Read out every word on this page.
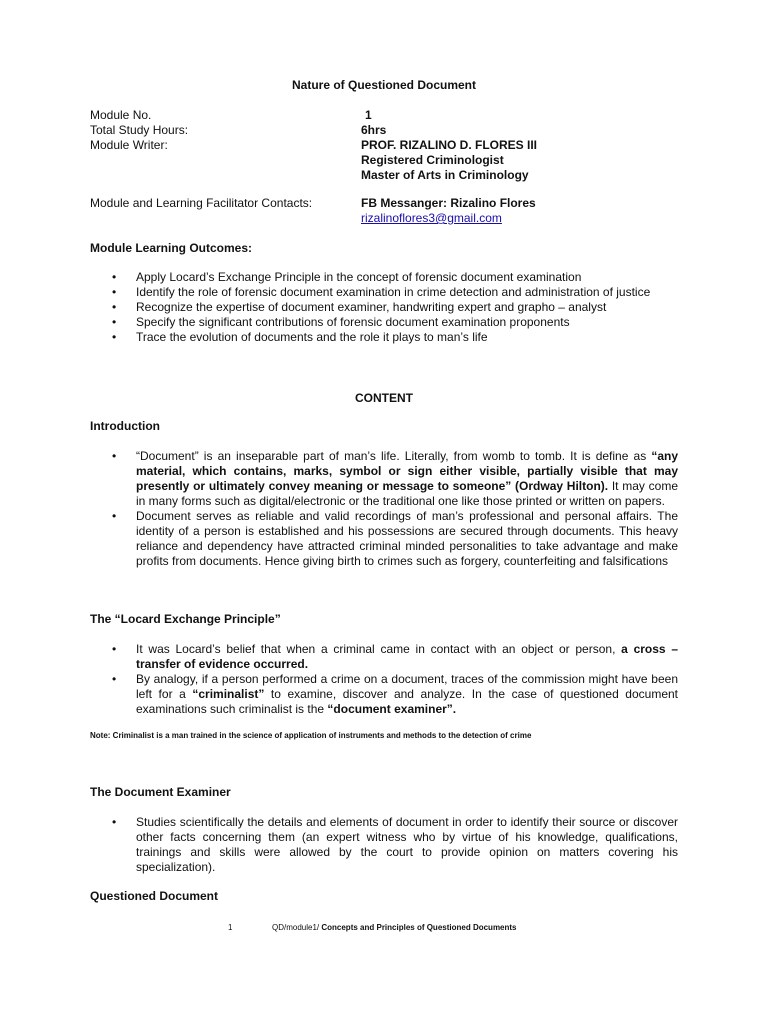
Nature of Questioned Document
Module No.	1
Total Study Hours:	6hrs
Module Writer:	PROF. RIZALINO D. FLORES III
Registered Criminologist
Master of Arts in Criminology
Module and Learning Facilitator Contacts:	FB Messanger: Rizalino Flores
rizalinoflores3@gmail.com
Module Learning Outcomes:
• Apply Locard’s Exchange Principle in the concept of forensic document examination
• Identify the role of forensic document examination in crime detection and administration of justice
• Recognize the expertise of document examiner, handwriting expert and grapho – analyst
• Specify the significant contributions of forensic document examination proponents
• Trace the evolution of documents and the role it plays to man’s life
CONTENT
Introduction
• “Document” is an inseparable part of man’s life. Literally, from womb to tomb. It is define as “any material, which contains, marks, symbol or sign either visible, partially visible that may presently or ultimately convey meaning or message to someone” (Ordway Hilton). It may come in many forms such as digital/electronic or the traditional one like those printed or written on papers.
• Document serves as reliable and valid recordings of man’s professional and personal affairs. The identity of a person is established and his possessions are secured through documents. This heavy reliance and dependency have attracted criminal minded personalities to take advantage and make profits from documents. Hence giving birth to crimes such as forgery, counterfeiting and falsifications
The “Locard Exchange Principle”
• It was Locard’s belief that when a criminal came in contact with an object or person, a cross – transfer of evidence occurred.
• By analogy, if a person performed a crime on a document, traces of the commission might have been left for a “criminalist” to examine, discover and analyze. In the case of questioned document examinations such criminalist is the “document examiner”.
Note: Criminalist is a man trained in the science of application of instruments and methods to the detection of crime
The Document Examiner
• Studies scientifically the details and elements of document in order to identify their source or discover other facts concerning them (an expert witness who by virtue of his knowledge, qualifications, trainings and skills were allowed by the court to provide opinion on matters covering his specialization).
Questioned Document
1	QD/module1/ Concepts and Principles of Questioned Documents
